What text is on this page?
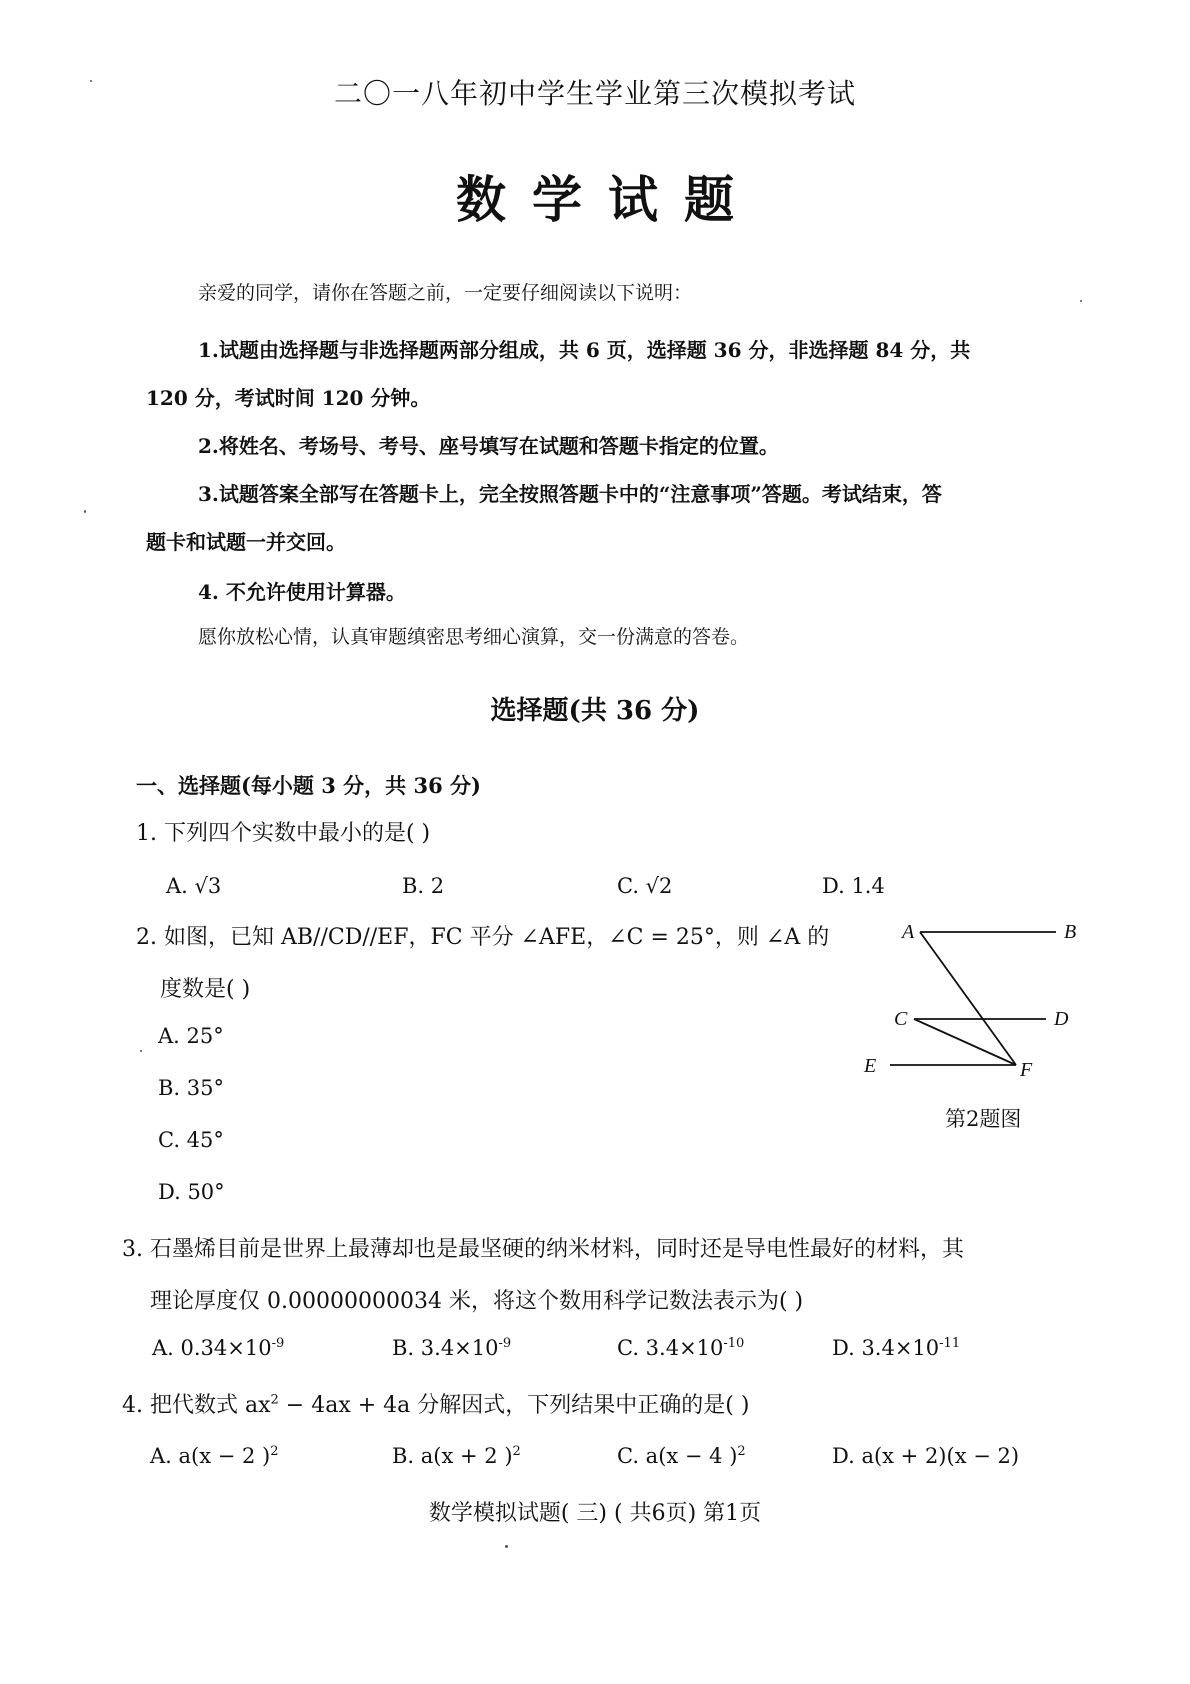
二〇一八年初中学生学业第三次模拟考试
数学试题
亲爱的同学，请你在答题之前，一定要仔细阅读以下说明：
1.试题由选择题与非选择题两部分组成，共 6 页，选择题 36 分，非选择题 84 分，共
120 分，考试时间 120 分钟。
2.将姓名、考场号、考号、座号填写在试题和答题卡指定的位置。
3.试题答案全部写在答题卡上，完全按照答题卡中的“注意事项”答题。考试结束，答
题卡和试题一并交回。
4. 不允许使用计算器。
愿你放松心情，认真审题缜密思考细心演算，交一份满意的答卷。
选择题(共 36 分)
一、选择题(每小题 3 分，共 36 分)
1. 下列四个实数中最小的是( )
A. √3	B. 2	C. √2	D. 1.4
2. 如图，已知 AB//CD//EF，FC 平分 ∠AFE，∠C = 25°，则 ∠A 的
度数是( )
A. 25°
B. 35°
C. 45°
D. 50°
A	B
C	D
E	F
第2题图
3. 石墨烯目前是世界上最薄却也是最坚硬的纳米材料，同时还是导电性最好的材料，其
理论厚度仅 0.00000000034 米，将这个数用科学记数法表示为( )
A. $0.34\times 10^{-9}$	B. $3.4\times 10^{-9}$	C. $3.4\times 10^{-10}$	D. $3.4\times 10^{-11}$
4. 把代数式 $ax^2 - 4ax + 4a$ 分解因式，下列结果中正确的是( )
A. a(x − 2 )$^2$	B. a(x + 2 )$^2$	C. a(x − 4 )$^2$	D. a(x + 2)(x − 2)
数学模拟试题( 三) ( 共6页) 第1页
